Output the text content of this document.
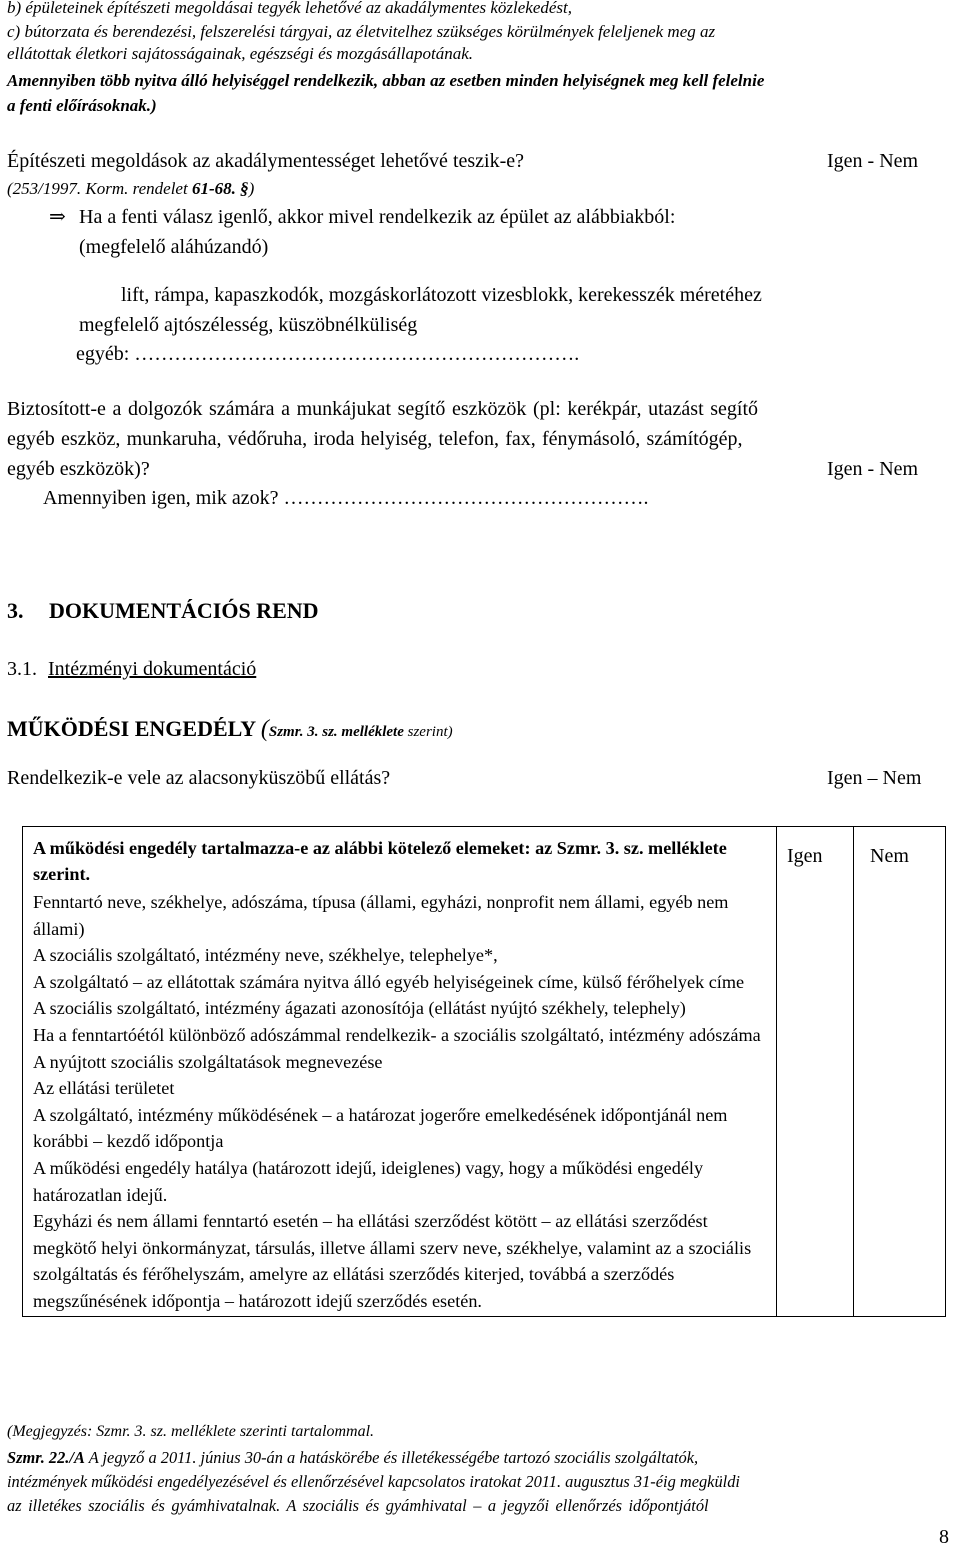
b) épületeinek építészeti megoldásai tegyék lehetővé az akadálymentes közlekedést,
c) bútorzata és berendezési, felszerelési tárgyai, az életvitelhez szükséges körülmények feleljenek meg az
ellátottak életkori sajátosságainak, egészségi és mozgásállapotának.
Amennyiben több nyitva álló helyiséggel rendelkezik, abban az esetben minden helyiségnek meg kell felelnie
a fenti előírásoknak.)
Építészeti megoldások az akadálymentességet lehetővé teszik-e?	Igen - Nem
(253/1997. Korm. rendelet 61-68. §)
⇒ Ha a fenti válasz igenlő, akkor mivel rendelkezik az épület az alábbiakból:
(megfelelő aláhúzandó)
lift, rámpa, kapaszkodók, mozgáskorlátozott vizesblokk, kerekesszék méretéhez
megfelelő ajtószélesség, küszöbnélküliség
egyéb: ………………………………………………………….
Biztosított-e a dolgozók számára a munkájukat segítő eszközök (pl: kerékpár, utazást segítő
egyéb eszköz, munkaruha, védőruha, iroda helyiség, telefon, fax, fénymásoló, számítógép,
egyéb eszközök)?	Igen - Nem
Amennyiben igen, mik azok? ……………………………………………….
3. DOKUMENTÁCIÓS REND
3.1. Intézményi dokumentáció
MŰKÖDÉSI ENGEDÉLY (Szmr. 3. sz. melléklete szerint)
Rendelkezik-e vele az alacsonyküszöbű ellátás?	Igen – Nem
A működési engedély tartalmazza-e az alábbi kötelező elemeket: az Szmr. 3. sz. melléklete szerint.
Fenntartó neve, székhelye, adószáma, típusa (állami, egyházi, nonprofit nem állami, egyéb nem állami)
A szociális szolgáltató, intézmény neve, székhelye, telephelye*,
A szolgáltató – az ellátottak számára nyitva álló egyéb helyiségeinek címe, külső férőhelyek címe
A szociális szolgáltató, intézmény ágazati azonosítója (ellátást nyújtó székhely, telephely)
Ha a fenntartóétól különböző adószámmal rendelkezik- a szociális szolgáltató, intézmény adószáma
A nyújtott szociális szolgáltatások megnevezése
Az ellátási területet
A szolgáltató, intézmény működésének – a határozat jogerőre emelkedésének időpontjánál nem korábbi – kezdő időpontja
A működési engedély hatálya (határozott idejű, ideiglenes) vagy, hogy a működési engedély határozatlan idejű.
Egyházi és nem állami fenntartó esetén – ha ellátási szerződést kötött – az ellátási szerződést megkötő helyi önkormányzat, társulás, illetve állami szerv neve, székhelye, valamint az a szociális szolgáltatás és férőhelyszám, amelyre az ellátási szerződés kiterjed, továbbá a szerződés megszűnésének időpontja – határozott idejű szerződés esetén.

Igen	Nem
(Megjegyzés: Szmr. 3. sz. melléklete szerinti tartalommal.
Szmr. 22./A A jegyző a 2011. június 30-án a hatáskörébe és illetékességébe tartozó szociális szolgáltatók,
intézmények működési engedélyezésével és ellenőrzésével kapcsolatos iratokat 2011. augusztus 31-éig megküldi
az illetékes szociális és gyámhivatalnak. A szociális és gyámhivatal – a jegyzői ellenőrzés időpontjától
8
